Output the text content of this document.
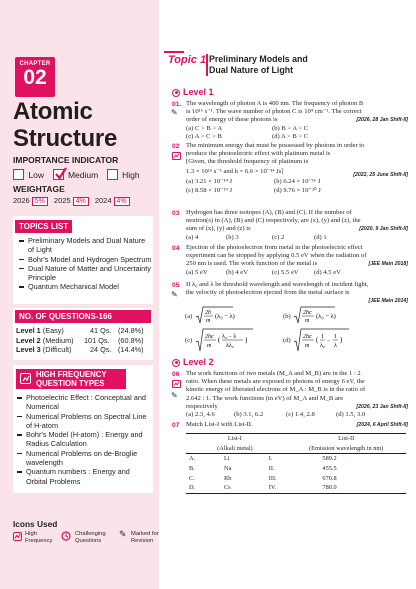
CHAPTER
02
Atomic
Structure
IMPORTANCE INDICATOR
Low	Medium	High
WEIGHTAGE
2026 5% 2025 4% 2024 4%
TOPICS LIST
Preliminary Models and Dual Nature of Light
Bohr's Model and Hydrogen Spectrum
Dual Nature of Matter and Uncertainty Principle
Quantum Mechanical Model
NO. OF QUESTIONS-166
Level 1 (Easy)	41 Qs. (24.8%)
Level 2 (Medium) 101 Qs. (60.8%)
Level 3 (Difficult)	24 Qs. (14.4%)
HIGH FREQUENCY
QUESTION TYPES
Photoelectric Effect : Conceptual and Numerical
Numerical Problems on Spectral Line of H-atom
Bohr's Model (H-atom) : Energy and Radius Calculation
Numerical Problems on de-Broglie wavelength
Quantum numbers : Energy and Orbital Problems
Icons Used
High Frequency
Challenging Questions
✎ Marked for Revision
Topic 1 Preliminary Models and
Dual Nature of Light
Level 1
01. The wavelength of photon A is 400 nm. The frequency of photon B
is 10¹⁶ s⁻¹. The wave number of photon C is 10⁴ cm⁻¹. The correct
order of energy of these photons is	[2026, 28 Jan Shift-II]
(a) C > B > A	(b) B > A > C
(c) A > C > B	(d) A > B > C
✎
02 The minimum energy that must be possessed by photons in order to
produce the photoelectric effect with platinum metal is
[Given, the threshold frequency of platinum is
1.3 × 10¹⁵ s⁻¹ and h = 6.6 × 10⁻³⁴ Js]	[2022, 25 June Shift-II]
(a) 3.21 × 10⁻¹⁴ J	(b) 6.24 × 10⁻¹⁶ J
(c) 8.58 × 10⁻¹⁹ J	(d) 9.76 × 10⁻²⁰ J
03 Hydrogen has three isotopes (A), (B) and (C). If the number of
neutron(s) in (A), (B) and (C) respectively, are (x), (y) and (z), the
sum of (x), (y) and (z) is	[2020, 9 Jan Shift-II]
(a) 4	(b) 3	(c) 2	(d) 1
04 Ejection of the photoelectron from metal in the photoelectric effect
experiment can be stopped by applying 0.5 eV when the radiation of
250 nm is used. The work function of the metal is	[JEE Main 2018]
(a) 5 eV	(b) 4 eV	(c) 5.5 eV (d) 4.5 eV
05
✎
If λ₀ and λ be threshold wavelength and wavelength of incident light,
the velocity of photoelectron ejected from the metal surface is
[JEE Main 2014]
(a) 2h
m
(λ₀ − λ)	(b) 2hc
m
(λ₀ − λ)
(c) 2hc
m
( λ₀ − λ
λλ₀
)	(d) 2hc
m
( 1
λ₀
−
1
λ
)
Level 2
06
✎
The work functions of two metals (M_A and M_B) are in the 1 : 2
ratio. When these metals are exposed to photons of energy 6 eV, the
kinetic energy of liberated electrons of M_A : M_B is in the ratio of
2.642 : 1. The work functions (in eV) of M_A and M_B are
respectively	[2026, 23 Jan Shift-II]
(a) 2.3, 4.6	(b) 3.1, 6.2	(c) 1.4, 2.8	(d) 1.5, 3.0
07 Match List-I with List-II.	[2024, 6 April Shift-II]
	List-I		List-II
	(Alkali metal)		(Emission wavelength in nm)
A.	Li	I.	589.2
B.	Na	II.	455.5
C.	Rb	III.	670.8
D.	Cs	IV.	780.0
